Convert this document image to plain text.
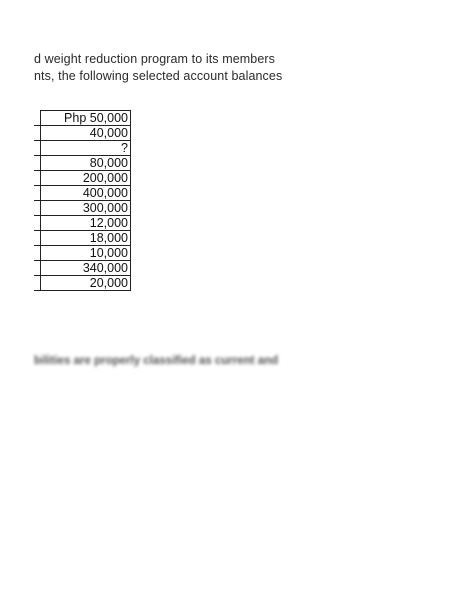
d weight reduction program to its members
nts, the following selected account balances
	Php 50,000
	40,000
	?
	80,000
	200,000
	400,000
	300,000
	12,000
	18,000
	10,000
	340,000
	20,000
bilities are properly classified as current and
